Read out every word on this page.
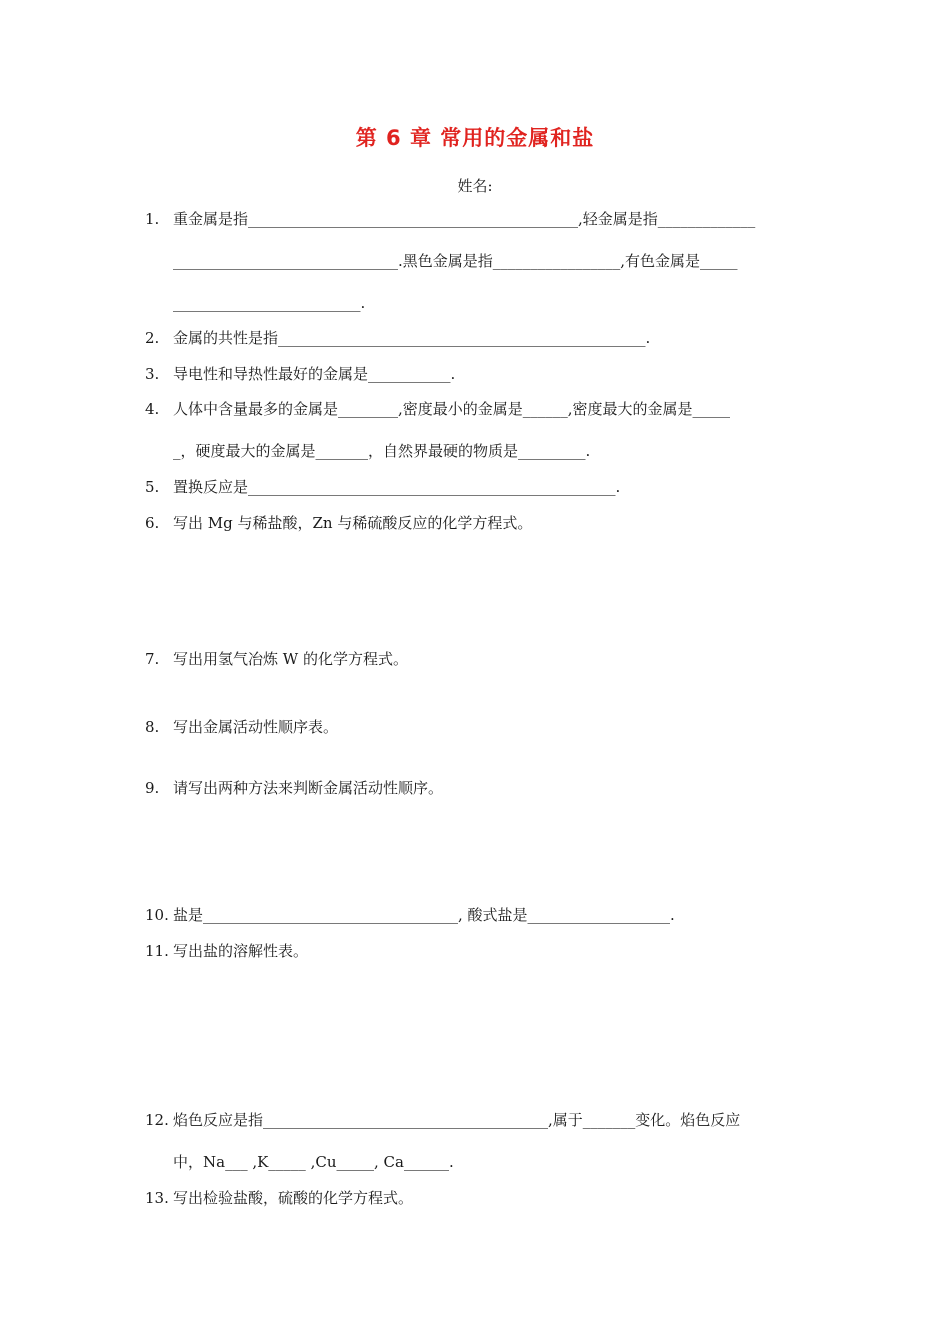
第 6 章 常用的金属和盐
姓名:
1. 重金属是指____________________________________________,轻金属是指_____________
______________________________.黑色金属是指_________________,有色金属是_____
_________________________.
2. 金属的共性是指_________________________________________________.
3. 导电性和导热性最好的金属是___________.
4. 人体中含量最多的金属是________,密度最小的金属是______,密度最大的金属是_____
_，硬度最大的金属是_______，自然界最硬的物质是_________.
5. 置换反应是_________________________________________________.
6. 写出 Mg 与稀盐酸，Zn 与稀硫酸反应的化学方程式。
7. 写出用氢气冶炼 W 的化学方程式。
8. 写出金属活动性顺序表。
9. 请写出两种方法来判断金属活动性顺序。
10. 盐是__________________________________, 酸式盐是___________________.
11. 写出盐的溶解性表。
12. 焰色反应是指______________________________________,属于_______变化。焰色反应
中，Na___ ,K_____ ,Cu_____, Ca______.
13. 写出检验盐酸，硫酸的化学方程式。
